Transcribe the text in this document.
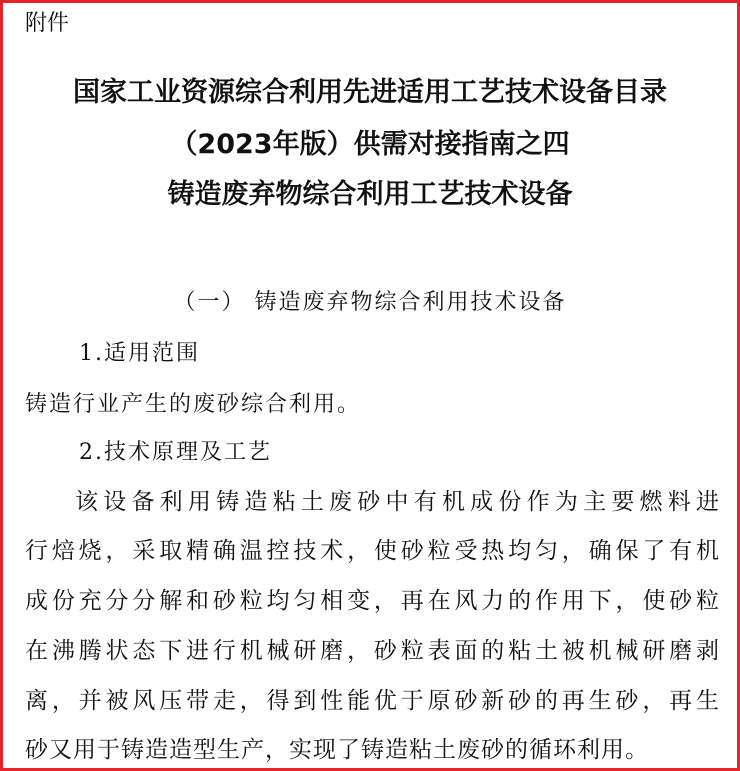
附件
国家工业资源综合利用先进适用工艺技术设备目录
（2023年版）供需对接指南之四
铸造废弃物综合利用工艺技术设备
（一） 铸造废弃物综合利用技术设备
1.适用范围
铸造行业产生的废砂综合利用。
2.技术原理及工艺
该设备利用铸造粘土废砂中有机成份作为主要燃料进
行焙烧，采取精确温控技术，使砂粒受热均匀，确保了有机
成份充分分解和砂粒均匀相变，再在风力的作用下，使砂粒
在沸腾状态下进行机械研磨，砂粒表面的粘土被机械研磨剥
离，并被风压带走，得到性能优于原砂新砂的再生砂，再生
砂又用于铸造造型生产，实现了铸造粘土废砂的循环利用。
